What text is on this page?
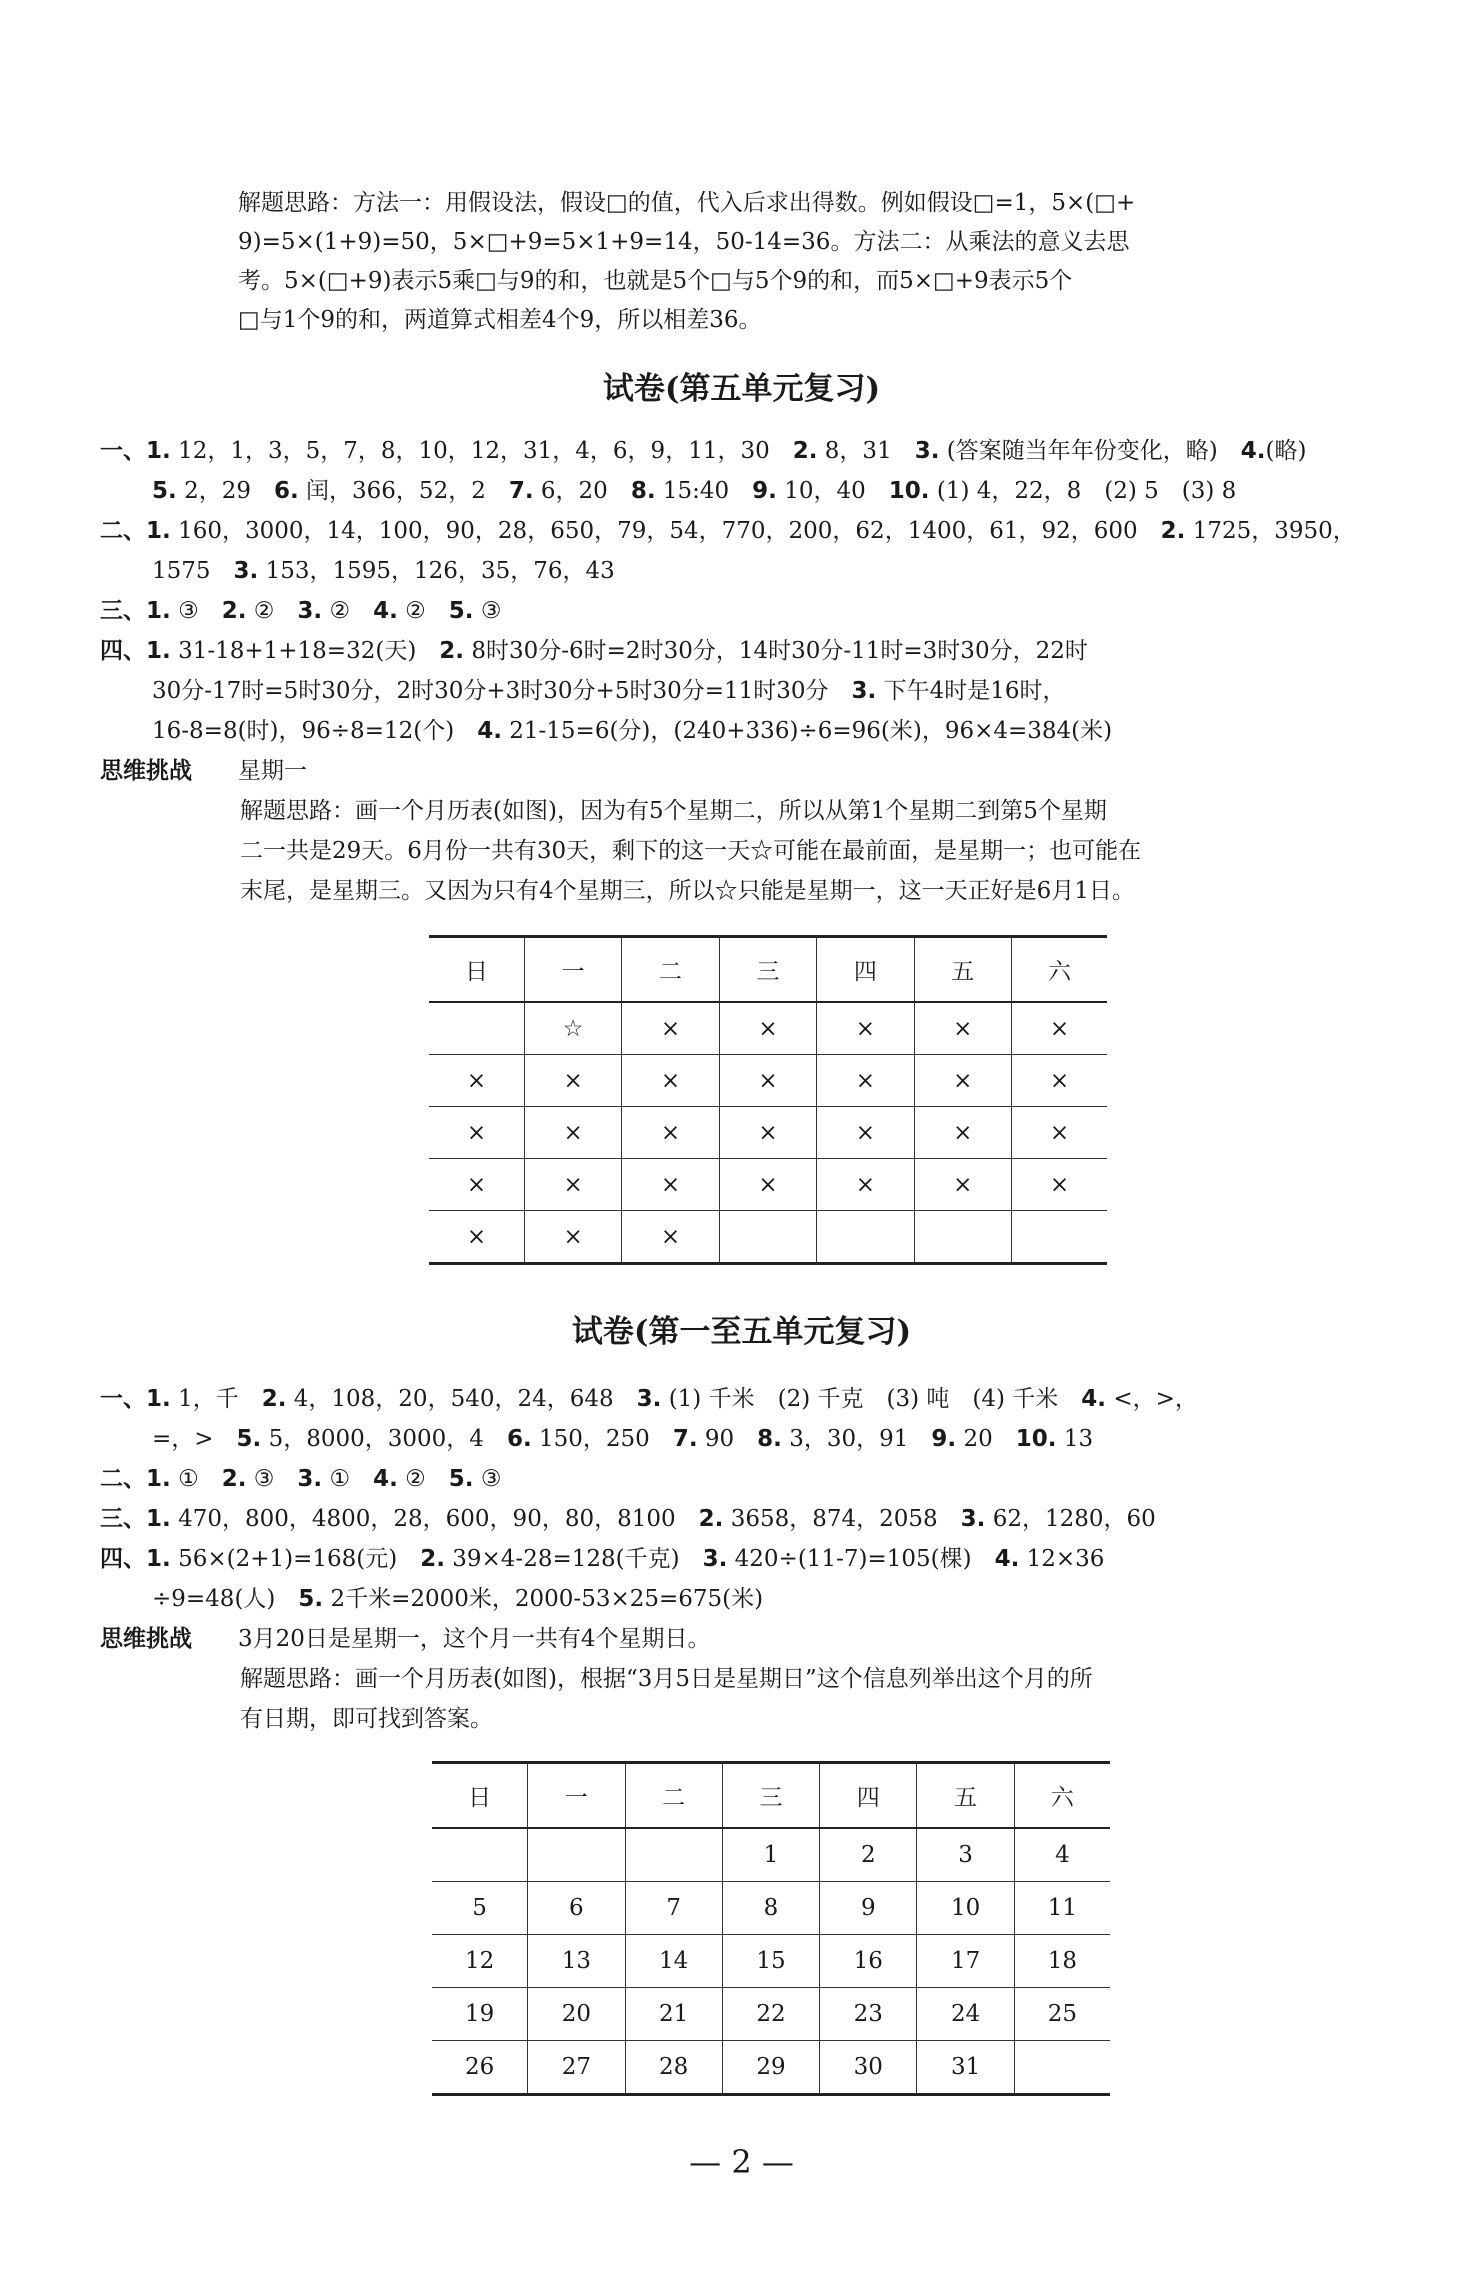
解题思路：方法一：用假设法，假设□的值，代入后求出得数。例如假设□=1，5×(□+
9)=5×(1+9)=50，5×□+9=5×1+9=14，50-14=36。方法二：从乘法的意义去思
考。5×(□+9)表示5乘□与9的和，也就是5个□与5个9的和，而5×□+9表示5个
□与1个9的和，两道算式相差4个9，所以相差36。
试卷(第五单元复习)
一、1. 12，1，3，5，7，8，10，12，31，4，6，9，11，30　 2. 8，31　 3. (答案随当年年份变化，略)　 4.(略)
5. 2，29　 6. 闰，366，52，2　 7. 6，20　 8. 15:40　 9. 10，40　 10. (1) 4，22，8　(2) 5　(3) 8
二、1. 160，3000，14，100，90，28，650，79，54，770，200，62，1400，61，92，600　 2. 1725，3950，
1575　 3. 153，1595，126，35，76，43
三、1. ③　 2. ②　 3. ②　 4. ②　 5. ③
四、1. 31-18+1+18=32(天)　 2. 8时30分-6时=2时30分，14时30分-11时=3时30分，22时
30分-17时=5时30分，2时30分+3时30分+5时30分=11时30分　 3. 下午4时是16时，
16-8=8(时)，96÷8=12(个)　 4. 21-15=6(分)，(240+336)÷6=96(米)，96×4=384(米)
思维挑战　　 星期一
解题思路：画一个月历表(如图)，因为有5个星期二，所以从第1个星期二到第5个星期
二一共是29天。6月份一共有30天，剩下的这一天☆可能在最前面，是星期一；也可能在
末尾，是星期三。又因为只有4个星期三，所以☆只能是星期一，这一天正好是6月1日。
日	一	二	三	四	五	六
	☆	×	×	×	×	×
×	×	×	×	×	×	×
×	×	×	×	×	×	×
×	×	×	×	×	×	×
×	×	×				
试卷(第一至五单元复习)
一、1. 1，千　 2. 4，108，20，540，24，648　 3. (1) 千米　(2) 千克　(3) 吨　(4) 千米　 4. <，>，
=，>　 5. 5，8000，3000，4　 6. 150，250　 7. 90　 8. 3，30，91　 9. 20　 10. 13
二、1. ①　 2. ③　 3. ①　 4. ②　 5. ③
三、1. 470，800，4800，28，600，90，80，8100　 2. 3658，874，2058　 3. 62，1280，60
四、1. 56×(2+1)=168(元)　 2. 39×4-28=128(千克)　 3. 420÷(11-7)=105(棵)　 4. 12×36
÷9=48(人)　 5. 2千米=2000米，2000-53×25=675(米)
思维挑战　　 3月20日是星期一，这个月一共有4个星期日。
解题思路：画一个月历表(如图)，根据“3月5日是星期日”这个信息列举出这个月的所
有日期，即可找到答案。
日	一	二	三	四	五	六
			1	2	3	4
5	6	7	8	9	10	11
12	13	14	15	16	17	18
19	20	21	22	23	24	25
26	27	28	29	30	31	
— 2 —
